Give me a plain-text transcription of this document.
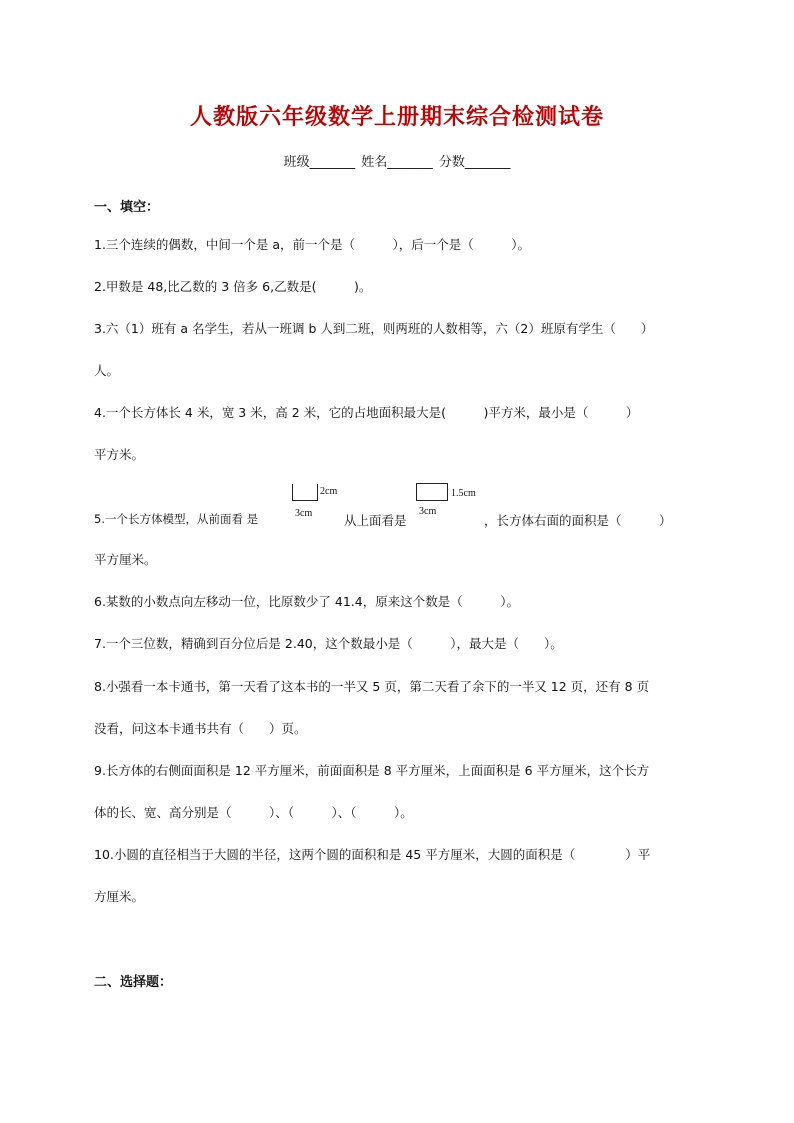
人教版六年级数学上册期末综合检测试卷
班级_______ 姓名_______ 分数_______
一、填空：
1.三个连续的偶数，中间一个是 a，前一个是（　　　），后一个是（　　　）。
2.甲数是 48,比乙数的 3 倍多 6,乙数是(　　　)。
3.六（1）班有 a 名学生，若从一班调 b 人到二班，则两班的人数相等，六（2）班原有学生（　　）
人。
4.一个长方体长 4 米，宽 3 米，高 2 米，它的占地面积最大是(　　　)平方米，最小是（　　　）
平方米。
2cm
3cm
1.5cm
3cm
5.一个长方体模型，从前面看 是	从上面看是	，长方体右面的面积是（　　　）
平方厘米。
6.某数的小数点向左移动一位，比原数少了 41.4，原来这个数是（　　　）。
7.一个三位数，精确到百分位后是 2.40，这个数最小是（　　　），最大是（　　）。
8.小强看一本卡通书，第一天看了这本书的一半又 5 页，第二天看了余下的一半又 12 页，还有 8 页
没看，问这本卡通书共有（　　）页。
9.长方体的右侧面面积是 12 平方厘米，前面面积是 8 平方厘米，上面面积是 6 平方厘米，这个长方
体的长、宽、高分别是（　　　）、（　　　）、（　　　）。
10.小圆的直径相当于大圆的半径，这两个圆的面积和是 45 平方厘米，大圆的面积是（　　　　）平
方厘米。
二、选择题：
